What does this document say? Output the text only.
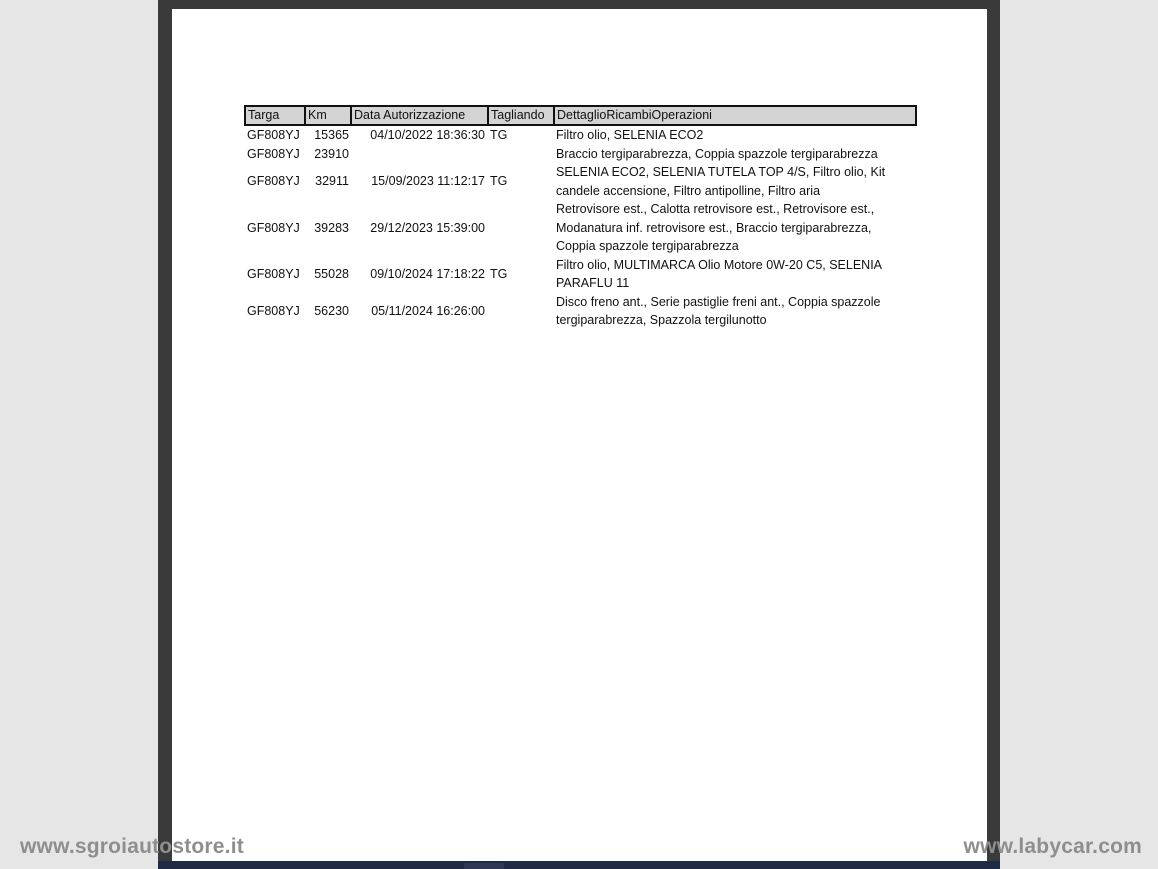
Targa	Km	Data Autorizzazione	Tagliando	DettaglioRicambiOperazioni
GF808YJ	15365	04/10/2022 18:36:30	TG	Filtro olio, SELENIA ECO2
GF808YJ	23910			Braccio tergiparabrezza, Coppia spazzole tergiparabrezza
GF808YJ	32911	15/09/2023 11:12:17	TG	SELENIA ECO2, SELENIA TUTELA TOP 4/S, Filtro olio, Kit candele accensione, Filtro antipolline, Filtro aria
GF808YJ	39283	29/12/2023 15:39:00		Retrovisore est., Calotta retrovisore est., Retrovisore est., Modanatura inf. retrovisore est., Braccio tergiparabrezza, Coppia spazzole tergiparabrezza
GF808YJ	55028	09/10/2024 17:18:22	TG	Filtro olio, MULTIMARCA Olio Motore 0W-20 C5, SELENIA PARAFLU 11
GF808YJ	56230	05/11/2024 16:26:00		Disco freno ant., Serie pastiglie freni ant., Coppia spazzole tergiparabrezza, Spazzola tergilunotto
www.sgroiautostore.it	www.labycar.com
